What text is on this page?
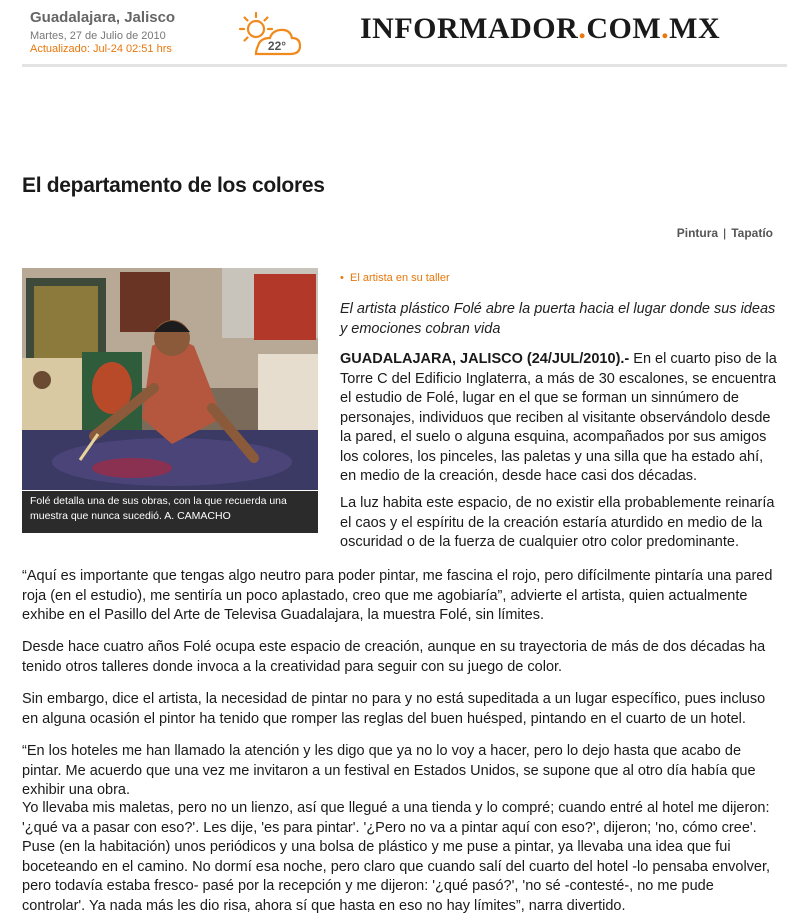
Guadalajara, Jalisco
Martes, 27 de Julio de 2010
Actualizado: Jul-24 02:51 hrs	22°
INFORMADOR.COM.MX
El departamento de los colores
Pintura | Tapatío
Folé detalla una de sus obras, con la que recuerda una muestra que nunca sucedió. A. CAMACHO
• El artista en su taller

El artista plástico Folé abre la puerta hacia el lugar donde sus ideas y emociones cobran vida

GUADALAJARA, JALISCO (24/JUL/2010).- En el cuarto piso de la Torre C del Edificio Inglaterra, a más de 30 escalones, se encuentra el estudio de Folé, lugar en el que se forman un sinnúmero de personajes, individuos que reciben al visitante observándolo desde la pared, el suelo o alguna esquina, acompañados por sus amigos los colores, los pinceles, las paletas y una silla que ha estado ahí, en medio de la creación, desde hace casi dos décadas.

La luz habita este espacio, de no existir ella probablemente reinaría el caos y el espíritu de la creación estaría aturdido en medio de la oscuridad o de la fuerza de cualquier otro color predominante.

“Aquí es importante que tengas algo neutro para poder pintar, me fascina el rojo, pero difícilmente pintaría una pared roja (en el estudio), me sentiría un poco aplastado, creo que me agobiaría”, advierte el artista, quien actualmente exhibe en el Pasillo del Arte de Televisa Guadalajara, la muestra Folé, sin límites.

Desde hace cuatro años Folé ocupa este espacio de creación, aunque en su trayectoria de más de dos décadas ha tenido otros talleres donde invoca a la creatividad para seguir con su juego de color.

Sin embargo, dice el artista, la necesidad de pintar no para y no está supeditada a un lugar específico, pues incluso en alguna ocasión el pintor ha tenido que romper las reglas del buen huésped, pintando en el cuarto de un hotel.

“En los hoteles me han llamado la atención y les digo que ya no lo voy a hacer, pero lo dejo hasta que acabo de pintar. Me acuerdo que una vez me invitaron a un festival en Estados Unidos, se supone que al otro día había que exhibir una obra.

Yo llevaba mis maletas, pero no un lienzo, así que llegué a una tienda y lo compré; cuando entré al hotel me dijeron: '¿qué va a pasar con eso?'. Les dije, 'es para pintar'. '¿Pero no va a pintar aquí con eso?', dijeron; 'no, cómo cree'. Puse (en la habitación) unos periódicos y una bolsa de plástico y me puse a pintar, ya llevaba una idea que fui boceteando en el camino. No dormí esa noche, pero claro que cuando salí del cuarto del hotel -lo pensaba envolver, pero todavía estaba fresco- pasé por la recepción y me dijeron: '¿qué pasó?', 'no sé -contesté-, no me pude controlar'. Ya nada más les dio risa, ahora sí que hasta en eso no hay límites”, narra divertido.
